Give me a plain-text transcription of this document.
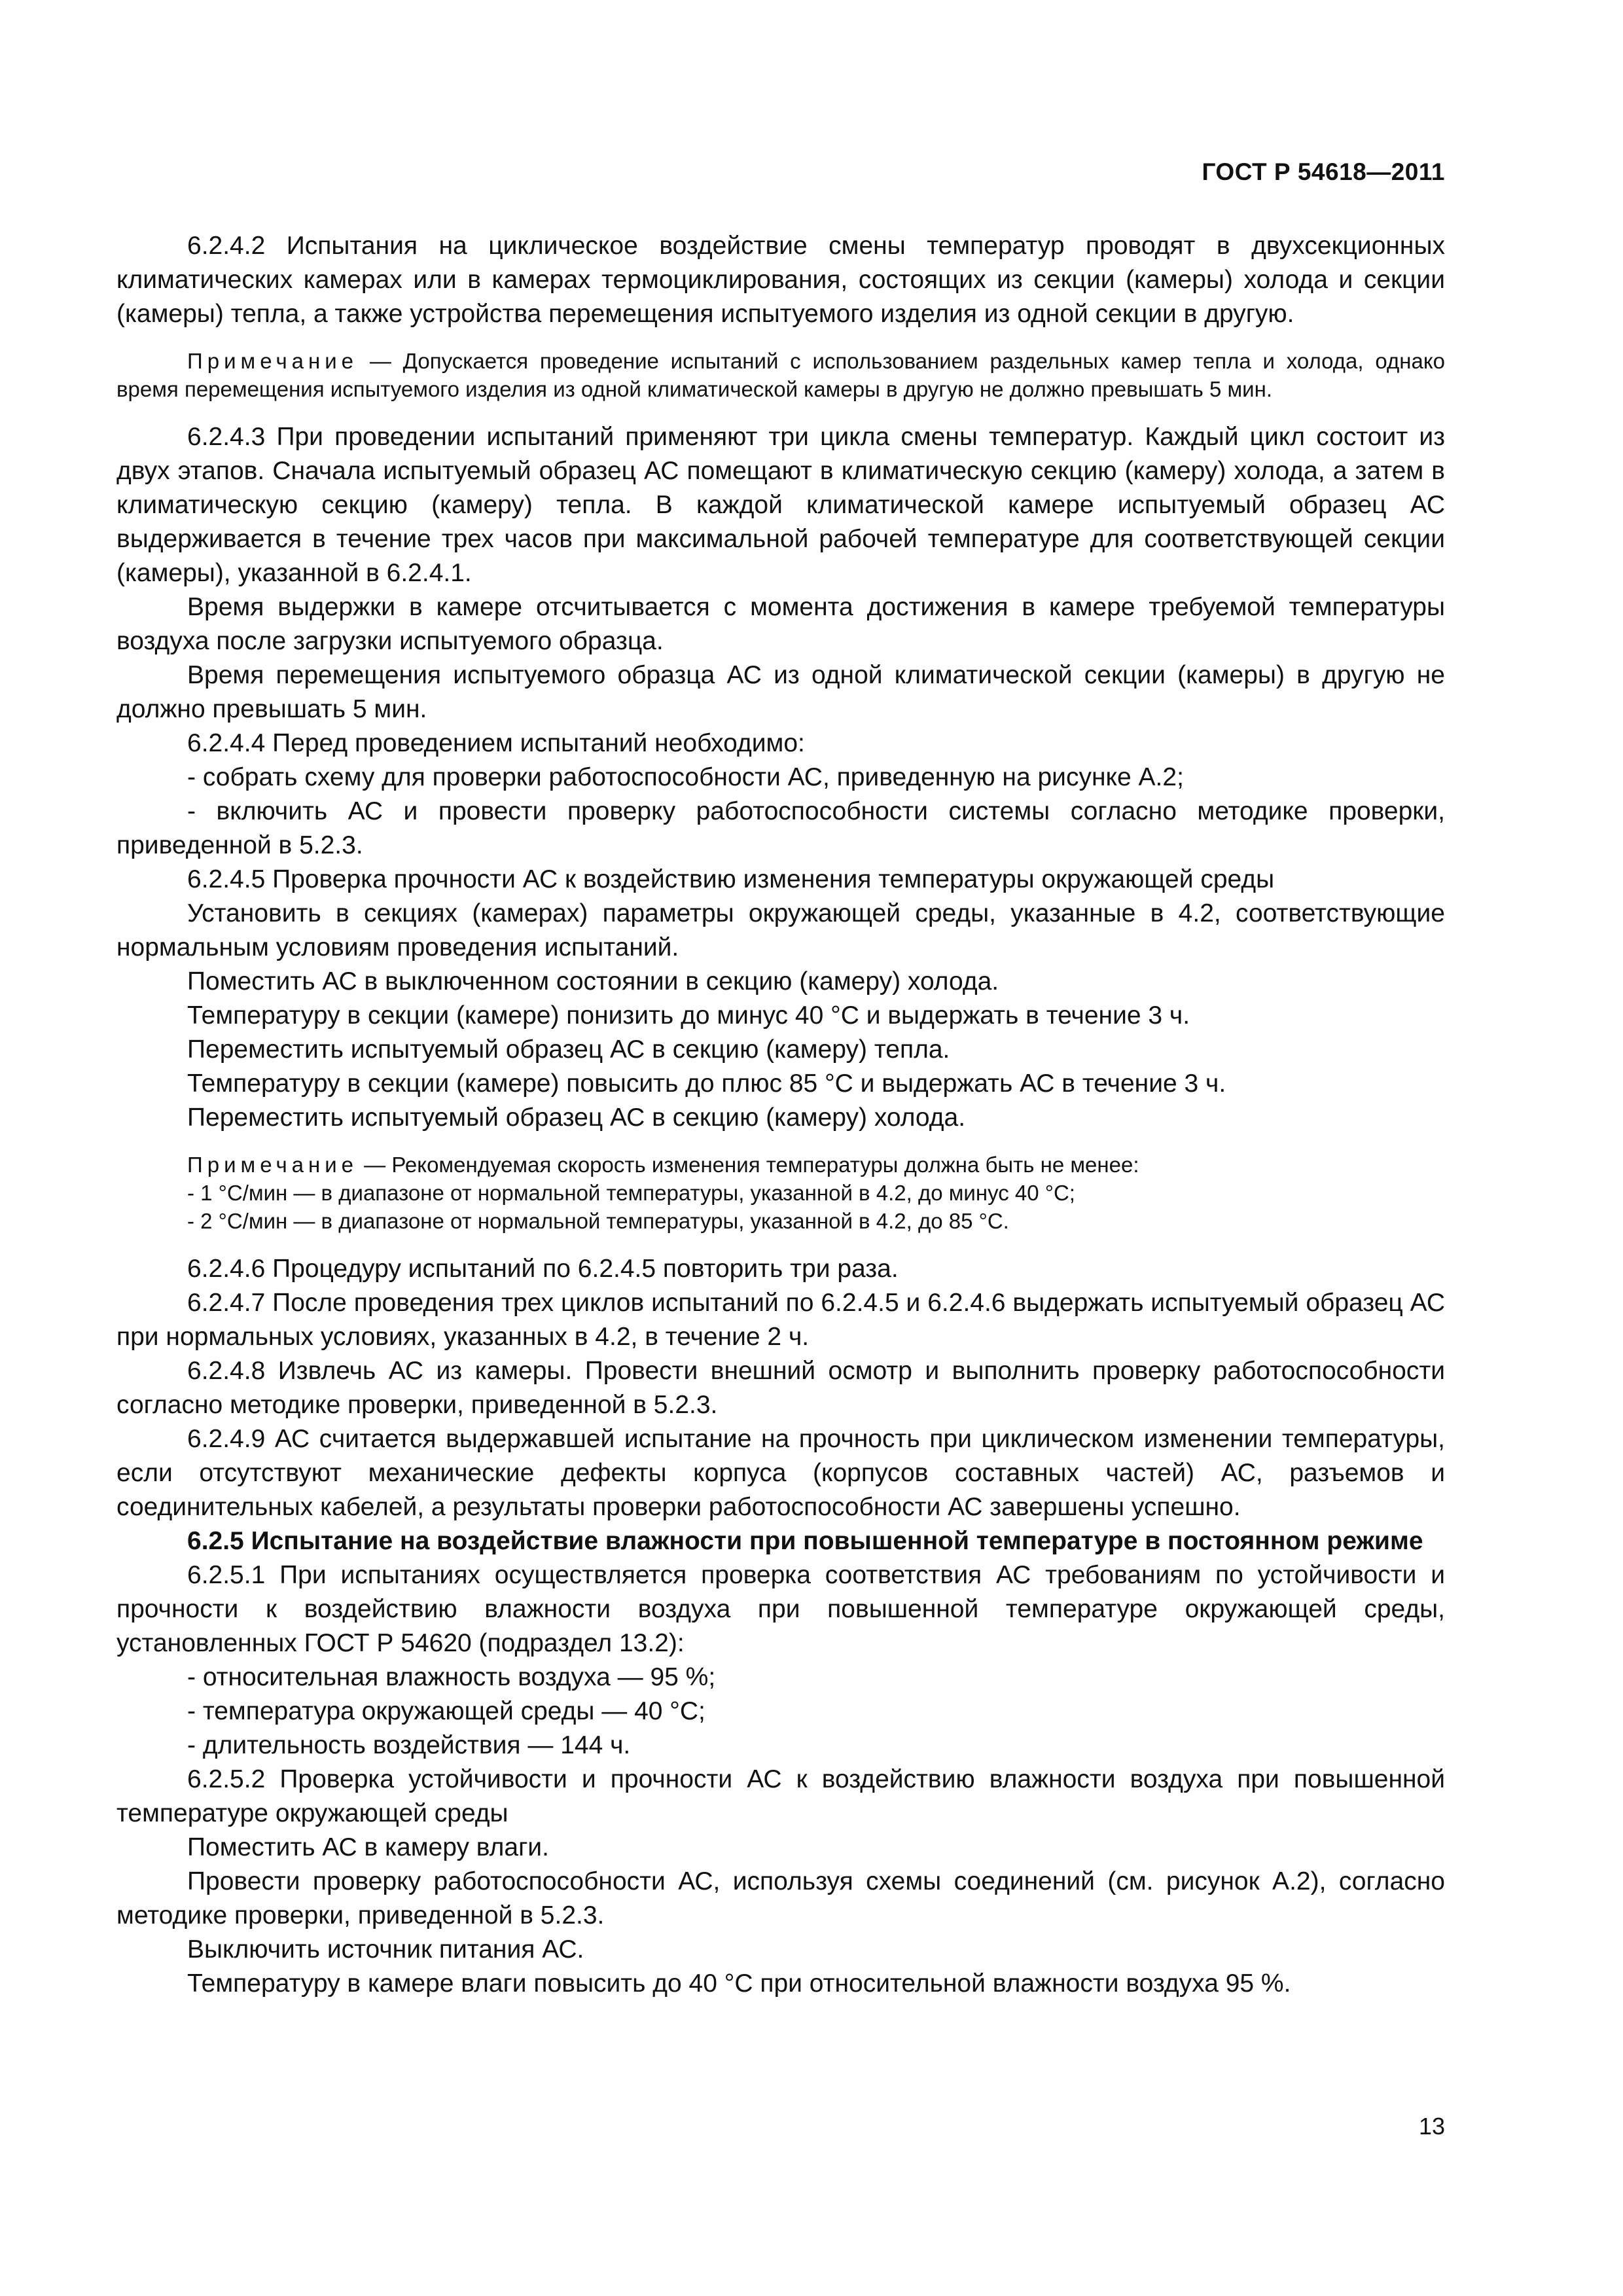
ГОСТ Р 54618—2011

6.2.4.2 Испытания на циклическое воздействие смены температур проводят в двухсекционных климатических камерах или в камерах термоциклирования, состоящих из секции (камеры) холода и секции (камеры) тепла, а также устройства перемещения испытуемого изделия из одной секции в другую.

Примечание — Допускается проведение испытаний с использованием раздельных камер тепла и холода, однако время перемещения испытуемого изделия из одной климатической камеры в другую не должно превышать 5 мин.

6.2.4.3 При проведении испытаний применяют три цикла смены температур. Каждый цикл состоит из двух этапов. Сначала испытуемый образец АС помещают в климатическую секцию (камеру) холода, а затем в климатическую секцию (камеру) тепла. В каждой климатической камере испытуемый образец АС выдерживается в течение трех часов при максимальной рабочей температуре для соответствующей секции (камеры), указанной в 6.2.4.1.

Время выдержки в камере отсчитывается с момента достижения в камере требуемой температуры воздуха после загрузки испытуемого образца.

Время перемещения испытуемого образца АС из одной климатической секции (камеры) в другую не должно превышать 5 мин.

6.2.4.4 Перед проведением испытаний необходимо:

- собрать схему для проверки работоспособности АС, приведенную на рисунке А.2;

- включить АС и провести проверку работоспособности системы согласно методике проверки, приведенной в 5.2.3.

6.2.4.5 Проверка прочности АС к воздействию изменения температуры окружающей среды

Установить в секциях (камерах) параметры окружающей среды, указанные в 4.2, соответствующие нормальным условиям проведения испытаний.

Поместить АС в выключенном состоянии в секцию (камеру) холода.

Температуру в секции (камере) понизить до минус 40 °С и выдержать в течение 3 ч.

Переместить испытуемый образец АС в секцию (камеру) тепла.

Температуру в секции (камере) повысить до плюс 85 °С и выдержать АС в течение 3 ч.

Переместить испытуемый образец АС в секцию (камеру) холода.

Примечание — Рекомендуемая скорость изменения температуры должна быть не менее:

- 1 °С/мин — в диапазоне от нормальной температуры, указанной в 4.2, до минус 40 °С;

- 2 °С/мин — в диапазоне от нормальной температуры, указанной в 4.2, до 85 °С.

6.2.4.6 Процедуру испытаний по 6.2.4.5 повторить три раза.

6.2.4.7 После проведения трех циклов испытаний по 6.2.4.5 и 6.2.4.6 выдержать испытуемый образец АС при нормальных условиях, указанных в 4.2, в течение 2 ч.

6.2.4.8 Извлечь АС из камеры. Провести внешний осмотр и выполнить проверку работоспособности согласно методике проверки, приведенной в 5.2.3.

6.2.4.9 АС считается выдержавшей испытание на прочность при циклическом изменении температуры, если отсутствуют механические дефекты корпуса (корпусов составных частей) АС, разъемов и соединительных кабелей, а результаты проверки работоспособности АС завершены успешно.

6.2.5 Испытание на воздействие влажности при повышенной температуре в постоянном режиме

6.2.5.1 При испытаниях осуществляется проверка соответствия АС требованиям по устойчивости и прочности к воздействию влажности воздуха при повышенной температуре окружающей среды, установленных ГОСТ Р 54620 (подраздел 13.2):

- относительная влажность воздуха — 95 %;

- температура окружающей среды — 40 °С;

- длительность воздействия — 144 ч.

6.2.5.2 Проверка устойчивости и прочности АС к воздействию влажности воздуха при повышенной температуре окружающей среды

Поместить АС в камеру влаги.

Провести проверку работоспособности АС, используя схемы соединений (см. рисунок А.2), согласно методике проверки, приведенной в 5.2.3.

Выключить источник питания АС.

Температуру в камере влаги повысить до 40 °С при относительной влажности воздуха 95 %.

13
